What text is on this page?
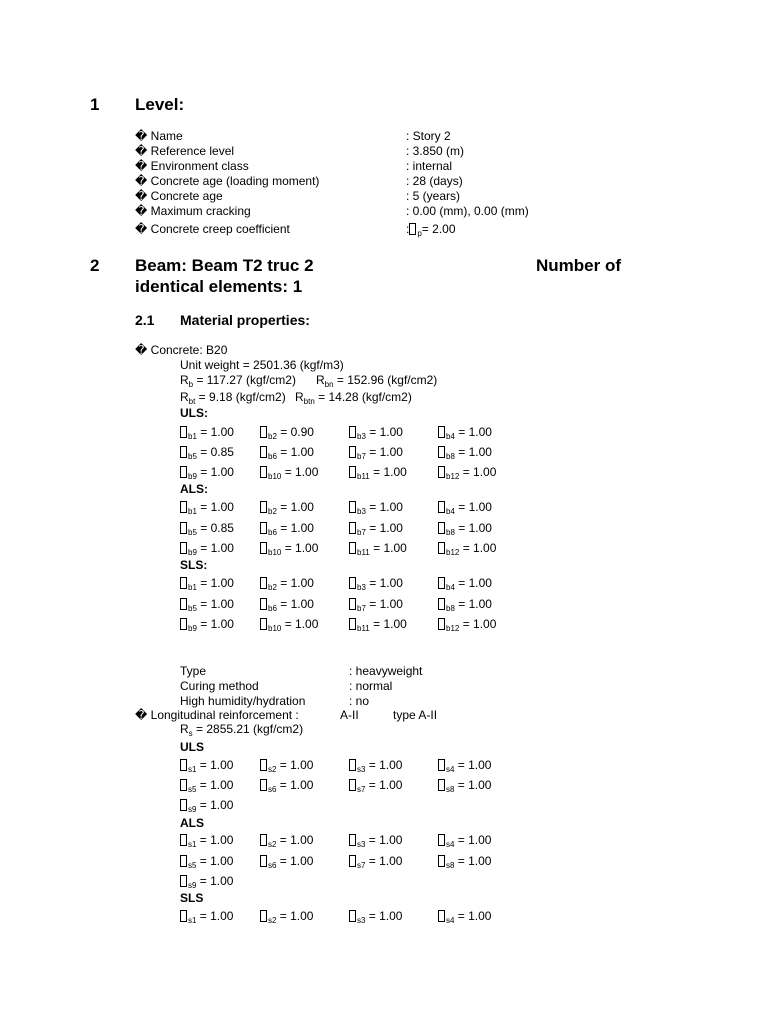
1 Level:
� Name	: Story 2
� Reference level	: 3.850 (m)
� Environment class	: internal
� Concrete age (loading moment)	: 28 (days)
� Concrete age	: 5 (years)
� Maximum cracking	: 0.00 (mm), 0.00 (mm)
� Concrete creep coefficient	: $_p$= 2.00
2 Beam: Beam T2 truc 2	Number of
identical elements: 1
2.1 Material properties:
� Concrete: B20
Unit weight = 2501.36 (kgf/m3)
$R_b = 117.27$ (kgf/cm2) $R_{bn} = 152.96$ (kgf/cm2)
$R_{bt} = 9.18$ (kgf/cm2) $R_{btn} = 14.28$ (kgf/cm2)
ULS:
$_{b1}$ = 1.00	$_{b2}$ = 0.90	$_{b3}$ = 1.00	$_{b4}$ = 1.00
$_{b5}$ = 0.85	$_{b6}$ = 1.00	$_{b7}$ = 1.00	$_{b8}$ = 1.00
$_{b9}$ = 1.00	$_{b10}$ = 1.00	$_{b11}$ = 1.00	$_{b12}$ = 1.00
ALS:
$_{b1}$ = 1.00	$_{b2}$ = 1.00	$_{b3}$ = 1.00	$_{b4}$ = 1.00
$_{b5}$ = 0.85	$_{b6}$ = 1.00	$_{b7}$ = 1.00	$_{b8}$ = 1.00
$_{b9}$ = 1.00	$_{b10}$ = 1.00	$_{b11}$ = 1.00	$_{b12}$ = 1.00
SLS:
$_{b1}$ = 1.00	$_{b2}$ = 1.00	$_{b3}$ = 1.00	$_{b4}$ = 1.00
$_{b5}$ = 1.00	$_{b6}$ = 1.00	$_{b7}$ = 1.00	$_{b8}$ = 1.00
$_{b9}$ = 1.00	$_{b10}$ = 1.00	$_{b11}$ = 1.00	$_{b12}$ = 1.00
Type	: heavyweight
Curing method	: normal
High humidity/hydration	: no
� Longitudinal reinforcement :	A-II	type A-II
$R_s = 2855.21$ (kgf/cm2)
ULS
$_{s1}$ = 1.00	$_{s2}$ = 1.00	$_{s3}$ = 1.00	$_{s4}$ = 1.00
$_{s5}$ = 1.00	$_{s6}$ = 1.00	$_{s7}$ = 1.00	$_{s8}$ = 1.00
$_{s9}$ = 1.00
ALS
$_{s1}$ = 1.00	$_{s2}$ = 1.00	$_{s3}$ = 1.00	$_{s4}$ = 1.00
$_{s5}$ = 1.00	$_{s6}$ = 1.00	$_{s7}$ = 1.00	$_{s8}$ = 1.00
$_{s9}$ = 1.00
SLS
$_{s1}$ = 1.00	$_{s2}$ = 1.00	$_{s3}$ = 1.00	$_{s4}$ = 1.00
